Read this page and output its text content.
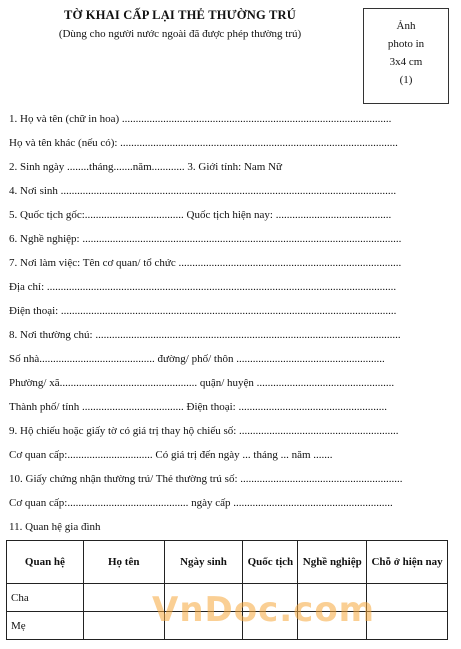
TỜ KHAI CẤP LẠI THẺ THƯỜNG TRÚ
(Dùng cho người nước ngoài đã được phép thường trú)
Ảnh
photo in
3x4 cm
(1)
1. Họ và tên (chữ in hoa) ..................................................................................................
Họ và tên khác (nếu có): .....................................................................................................
2. Sinh ngày ........tháng.......năm............ 3. Giới tính: Nam Nữ
4. Nơi sinh ..........................................................................................................................
5. Quốc tịch gốc:.................................... Quốc tịch hiện nay: ..........................................
6. Nghề nghiệp: ....................................................................................................................
7. Nơi làm việc: Tên cơ quan/ tổ chức .................................................................................
Địa chỉ: ...............................................................................................................................
Điện thoại: ..........................................................................................................................
8. Nơi thường chú: ...............................................................................................................
Số nhà.......................................... đường/ phố/ thôn ......................................................
Phường/ xã.................................................. quận/ huyện ..................................................
Thành phố/ tỉnh ..................................... Điện thoại: ......................................................
9. Hộ chiếu hoặc giấy tờ có giá trị thay hộ chiếu số: ..........................................................
Cơ quan cấp:............................... Có giá trị đến ngày ... tháng ... năm .......
10. Giấy chứng nhận thường trú/ Thẻ thường trú số: ...........................................................
Cơ quan cấp:............................................ ngày cấp ..........................................................
11. Quan hệ gia đình
Quan hệ	Họ tên	Ngày sinh	Quốc tịch	Nghề nghiệp	Chỗ ở hiện nay
Cha					
Mẹ						VnDoc.com
